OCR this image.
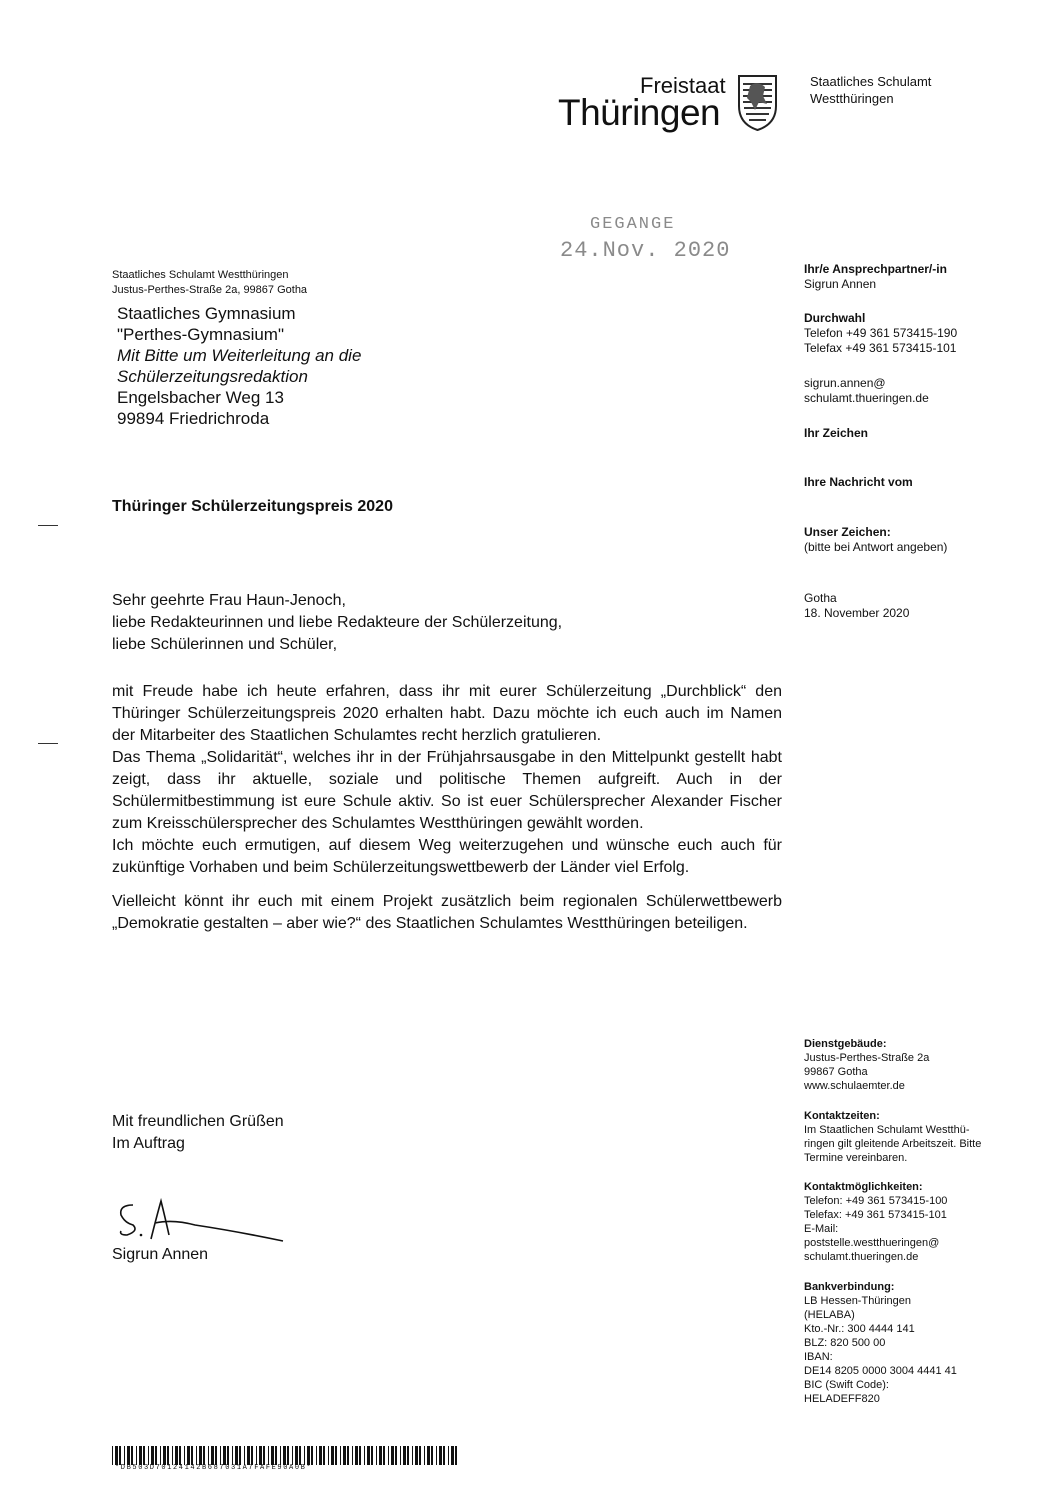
Freistaat
Thüringen
Staatliches Schulamt
Westthüringen
GEGANGE
24.Nov. 2020
Staatliches Schulamt Westthüringen
Justus-Perthes-Straße 2a, 99867 Gotha
Staatliches Gymnasium
"Perthes-Gymnasium"
Mit Bitte um Weiterleitung an die
Schülerzeitungsredaktion
Engelsbacher Weg 13
99894 Friedrichroda
Ihr/e Ansprechpartner/-in
Sigrun Annen
Durchwahl
Telefon +49 361 573415-190
Telefax +49 361 573415-101
sigrun.annen@
schulamt.thueringen.de
Ihr Zeichen
Ihre Nachricht vom
Unser Zeichen:
(bitte bei Antwort angeben)
Gotha
18. November 2020
Thüringer Schülerzeitungspreis 2020
Sehr geehrte Frau Haun-Jenoch,
liebe Redakteurinnen und liebe Redakteure der Schülerzeitung,
liebe Schülerinnen und Schüler,

mit Freude habe ich heute erfahren, dass ihr mit eurer Schülerzeitung „Durchblick“ den Thüringer Schülerzeitungspreis 2020 erhalten habt. Dazu möchte ich euch auch im Namen der Mitarbeiter des Staatlichen Schulamtes recht herzlich gratulieren.

Das Thema „Solidarität“, welches ihr in der Frühjahrsausgabe in den Mittelpunkt gestellt habt zeigt, dass ihr aktuelle, soziale und politische Themen aufgreift. Auch in der Schülermitbestimmung ist eure Schule aktiv. So ist euer Schülersprecher Alexander Fischer zum Kreisschülersprecher des Schulamtes Westthüringen gewählt worden.

Ich möchte euch ermutigen, auf diesem Weg weiterzugehen und wünsche euch auch für zukünftige Vorhaben und beim Schülerzeitungswettbewerb der Länder viel Erfolg.

Vielleicht könnt ihr euch mit einem Projekt zusätzlich beim regionalen Schülerwettbewerb „Demokratie gestalten – aber wie?“ des Staatlichen Schulamtes Westthüringen beteiligen.

Mit freundlichen Grüßen
Im Auftrag
Sigrun Annen
Dienstgebäude:
Justus-Perthes-Straße 2a
99867 Gotha
www.schulaemter.de
Kontaktzeiten:
Im Staatlichen Schulamt Westthü-
ringen gilt gleitende Arbeitszeit. Bitte
Termine vereinbaren.
Kontaktmöglichkeiten:
Telefon: +49 361 573415-100
Telefax: +49 361 573415-101
E-Mail:
poststelle.westthueringen@
schulamt.thueringen.de
Bankverbindung:
LB Hessen-Thüringen
(HELABA)
Kto.-Nr.: 300 4444 141
BLZ: 820 500 00
IBAN:
DE14 8205 0000 3004 4441 41
BIC (Swift Code):
HELADEFF820
*DB503D70124142B687031A7FAFE90A0B*
